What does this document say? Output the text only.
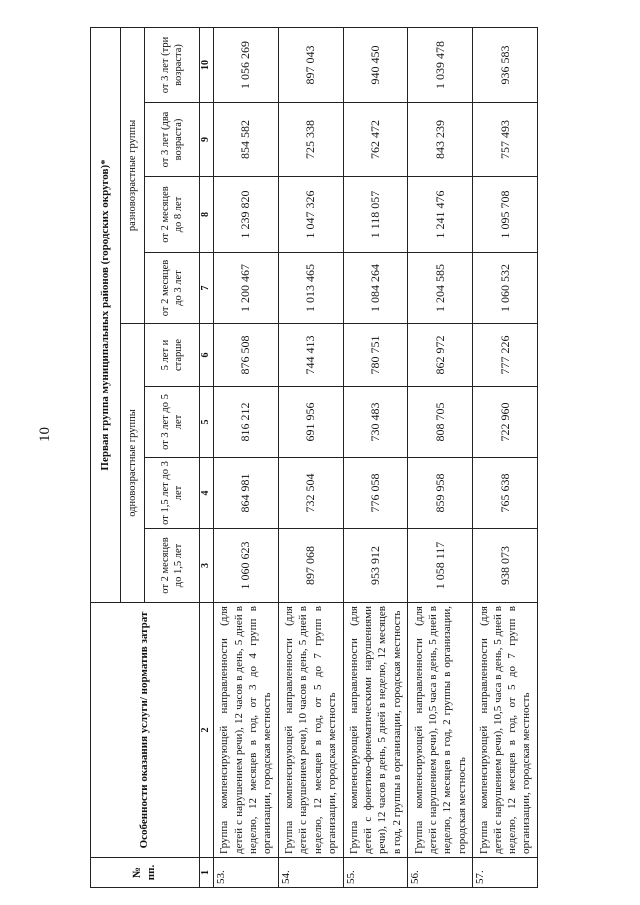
10
№ пп.	Особенности оказания услуги/ норматив затрат	Первая группа муниципальных районов (городских округов)*							
		одновозрастные группы				разновозрастные группы			
		от 2 месяцев до 1,5 лет	от 1,5 лет до 3 лет	от 3 лет до 5 лет	5 лет и старше	от 2 месяцев до 3 лет	от 2 месяцев до 8 лет	от 3 лет (два возраста)	от 3 лет (три возраста)
1	2	3	4	5	6	7	8	9	10
53.	Группа компенсирующей направленности (для детей с нарушением речи), 12 часов в день, 5 дней в неделю, 12 месяцев в год, от 3 до 4 групп в организации, городская местность	1 060 623	864 981	816 212	876 508	1 200 467	1 239 820	854 582	1 056 269
54.	Группа компенсирующей направленности (для детей с нарушением речи), 10 часов в день, 5 дней в неделю, 12 месяцев в год, от 5 до 7 групп в организации, городская местность	897 068	732 504	691 956	744 413	1 013 465	1 047 326	725 338	897 043
55.	Группа компенсирующей направленности (для детей с фонетико-фонематическими нарушениями речи), 12 часов в день, 5 дней в неделю, 12 месяцев в год, 2 группы в организации, городская местность	953 912	776 058	730 483	780 751	1 084 264	1 118 057	762 472	940 450
56.	Группа компенсирующей направленности (для детей с нарушением речи), 10,5 часа в день, 5 дней в неделю, 12 месяцев в год, 2 группы в организации, городская местность	1 058 117	859 958	808 705	862 972	1 204 585	1 241 476	843 239	1 039 478
57.	Группа компенсирующей направленности (для детей с нарушением речи), 10,5 часа в день, 5 дней в неделю, 12 месяцев в год, от 5 до 7 групп в организации, городская местность	938 073	765 638	722 960	777 226	1 060 532	1 095 708	757 493	936 583
